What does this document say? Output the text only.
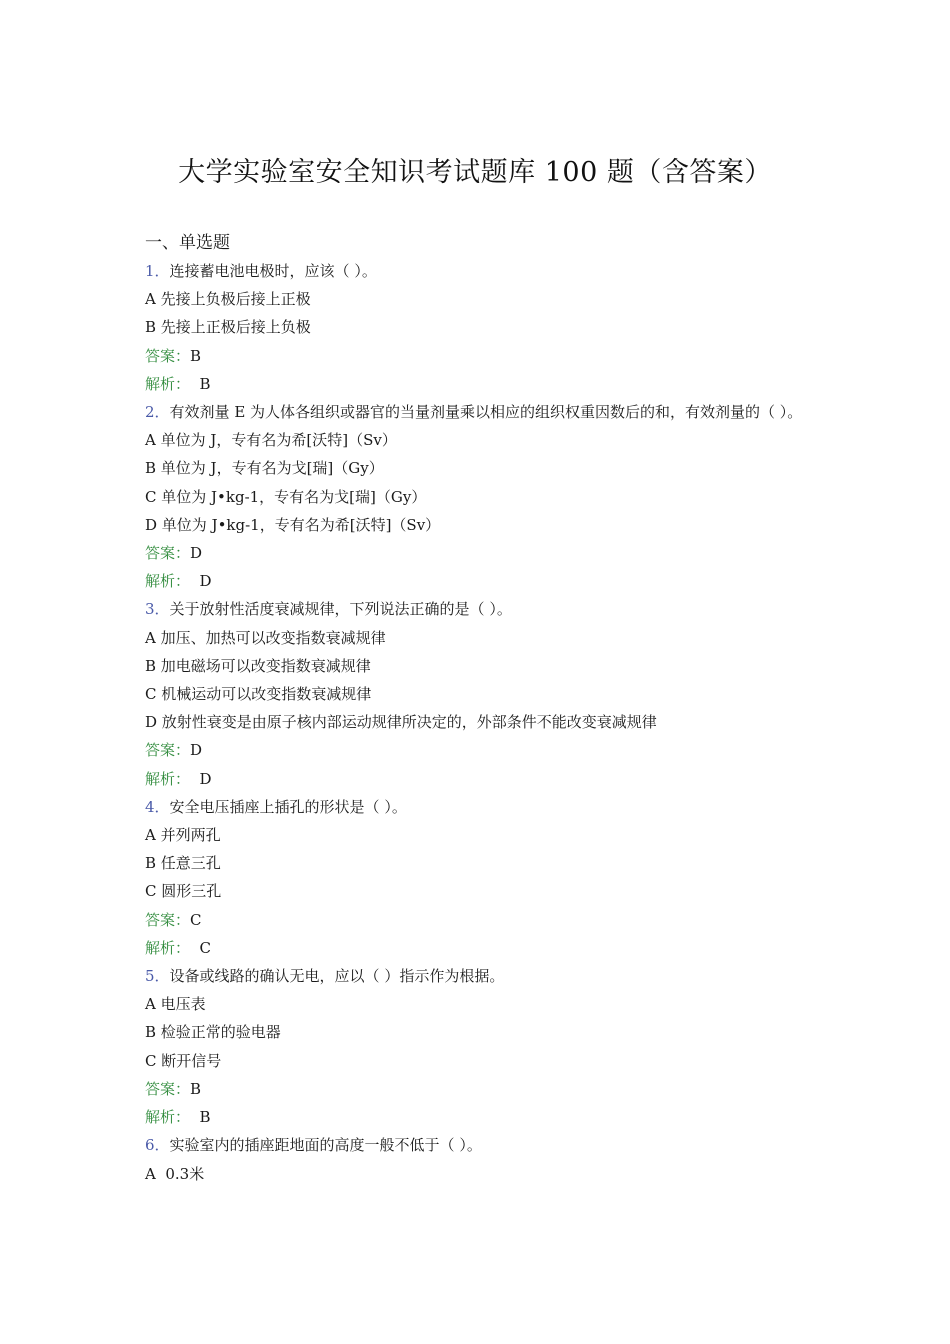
大学实验室安全知识考试题库 100 题（含答案）
一、单选题
1．连接蓄电池电极时，应该（ ）。
A 先接上负极后接上正极
B 先接上正极后接上负极
答案：B
解析：  B
2．有效剂量 E 为人体各组织或器官的当量剂量乘以相应的组织权重因数后的和，有效剂量的（ ）。
A 单位为 J，专有名为希[沃特]（Sv）
B 单位为 J，专有名为戈[瑞]（Gy）
C 单位为 J•kg-1，专有名为戈[瑞]（Gy）
D 单位为 J•kg-1，专有名为希[沃特]（Sv）
答案：D
解析：  D
3．关于放射性活度衰减规律，下列说法正确的是（ ）。
A 加压、加热可以改变指数衰减规律
B 加电磁场可以改变指数衰减规律
C 机械运动可以改变指数衰减规律
D 放射性衰变是由原子核内部运动规律所决定的，外部条件不能改变衰减规律
答案：D
解析：  D
4．安全电压插座上插孔的形状是（ ）。
A 并列两孔
B 任意三孔
C 圆形三孔
答案：C
解析：  C
5．设备或线路的确认无电，应以（ ）指示作为根据。
A 电压表
B 检验正常的验电器
C 断开信号
答案：B
解析：  B
6．实验室内的插座距地面的高度一般不低于（ ）。
A  0.3米
